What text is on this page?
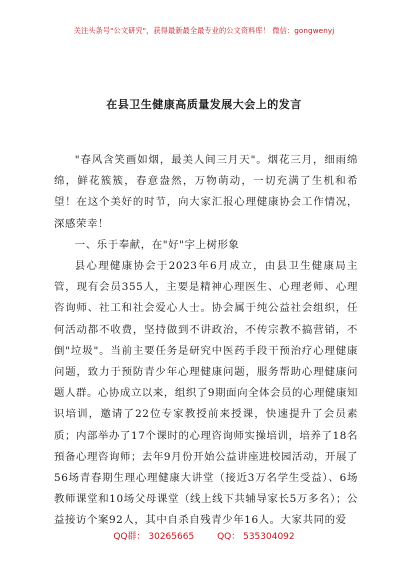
关注头条号"公文研究"，获得最新最全最专业的公文资料库！ 微信：gongwenyj
在县卫生健康高质量发展大会上的发言

"春风含笑画如烟，最美人间三月天"。烟花三月，细雨绵绵，鲜花簇簇，春意盎然，万物萌动，一切充满了生机和希望！在这个美好的时节，向大家汇报心理健康协会工作情况，深感荣幸！

一、乐于奉献，在"好"字上树形象

县心理健康协会于2023年6月成立，由县卫生健康局主管，现有会员355人，主要是精神心理医生、心理老师、心理咨询师、社工和社会爱心人士。协会属于纯公益社会组织，任何活动都不收费，坚持做到不讲政治，不传宗教不搞营销，不倒"垃圾"。当前主要任务是研究中医药手段干预治疗心理健康问题，致力于预防青少年心理健康问题，服务帮助心理健康问题人群。心协成立以来，组织了9期面向全体会员的心理健康知识培训，邀请了22位专家教授前来授课，快速提升了会员素质；内部举办了17个课时的心理咨询师实操培训，培养了18名預备心理咨询师；去年9月份开始公益讲座进校园活动，开展了56场青春期生理心理健康大讲堂（接近3万名学生受益）、6场教师课堂和10场父母课堂（线上线下共辅导家长5万多名）；公益接访个案92人，其中自杀自残青少年16人。大家共同的爱

QQ群： 30265665	QQ： 535304092
